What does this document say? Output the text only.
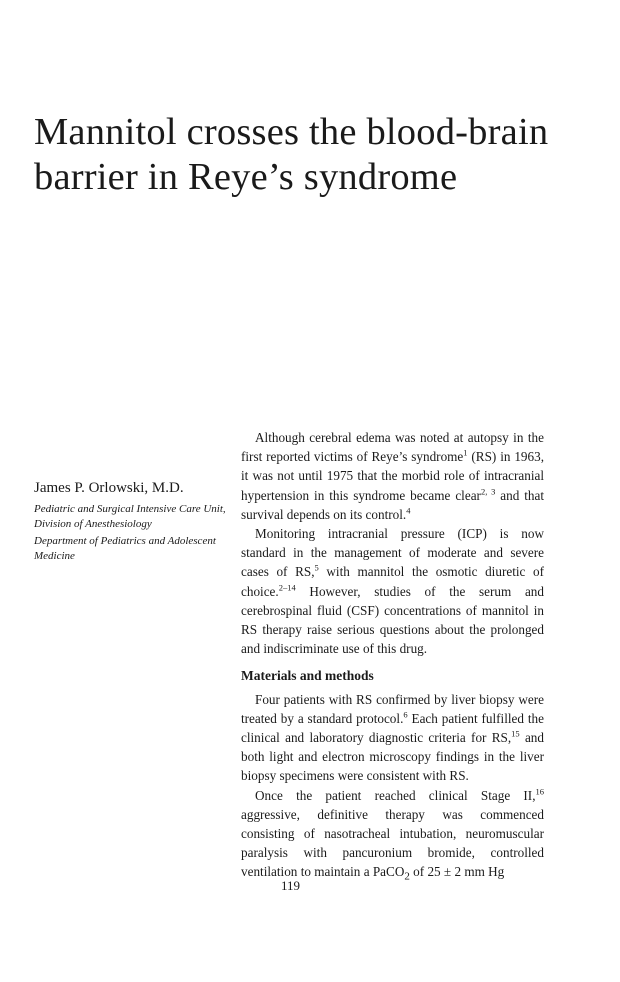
Mannitol crosses the blood-brain barrier in Reye’s syndrome

James P. Orlowski, M.D.

Pediatric and Surgical Intensive Care Unit, Division of Anesthesiology

Department of Pediatrics and Adolescent Medicine

Although cerebral edema was noted at autopsy in the first reported victims of Reye’s syndrome$^1$ (RS) in 1963, it was not until 1975 that the morbid role of intracranial hypertension in this syndrome became clear$^{2, 3}$ and that survival depends on its control.$^4$

Monitoring intracranial pressure (ICP) is now standard in the management of moderate and severe cases of RS,$^5$ with mannitol the osmotic diuretic of choice.$^{2-14}$ However, studies of the serum and cerebrospinal fluid (CSF) concentrations of mannitol in RS therapy raise serious questions about the prolonged and indiscriminate use of this drug.

Materials and methods

Four patients with RS confirmed by liver biopsy were treated by a standard protocol.$^6$ Each patient fulfilled the clinical and laboratory diagnostic criteria for RS,$^{15}$ and both light and electron microscopy findings in the liver biopsy specimens were consistent with RS.

Once the patient reached clinical Stage II,$^{16}$ aggressive, definitive therapy was commenced consisting of nasotracheal intubation, neuromuscular paralysis with pancuronium bromide, controlled ventilation to maintain a PaCO$_2$ of 25 ± 2 mm Hg

119
